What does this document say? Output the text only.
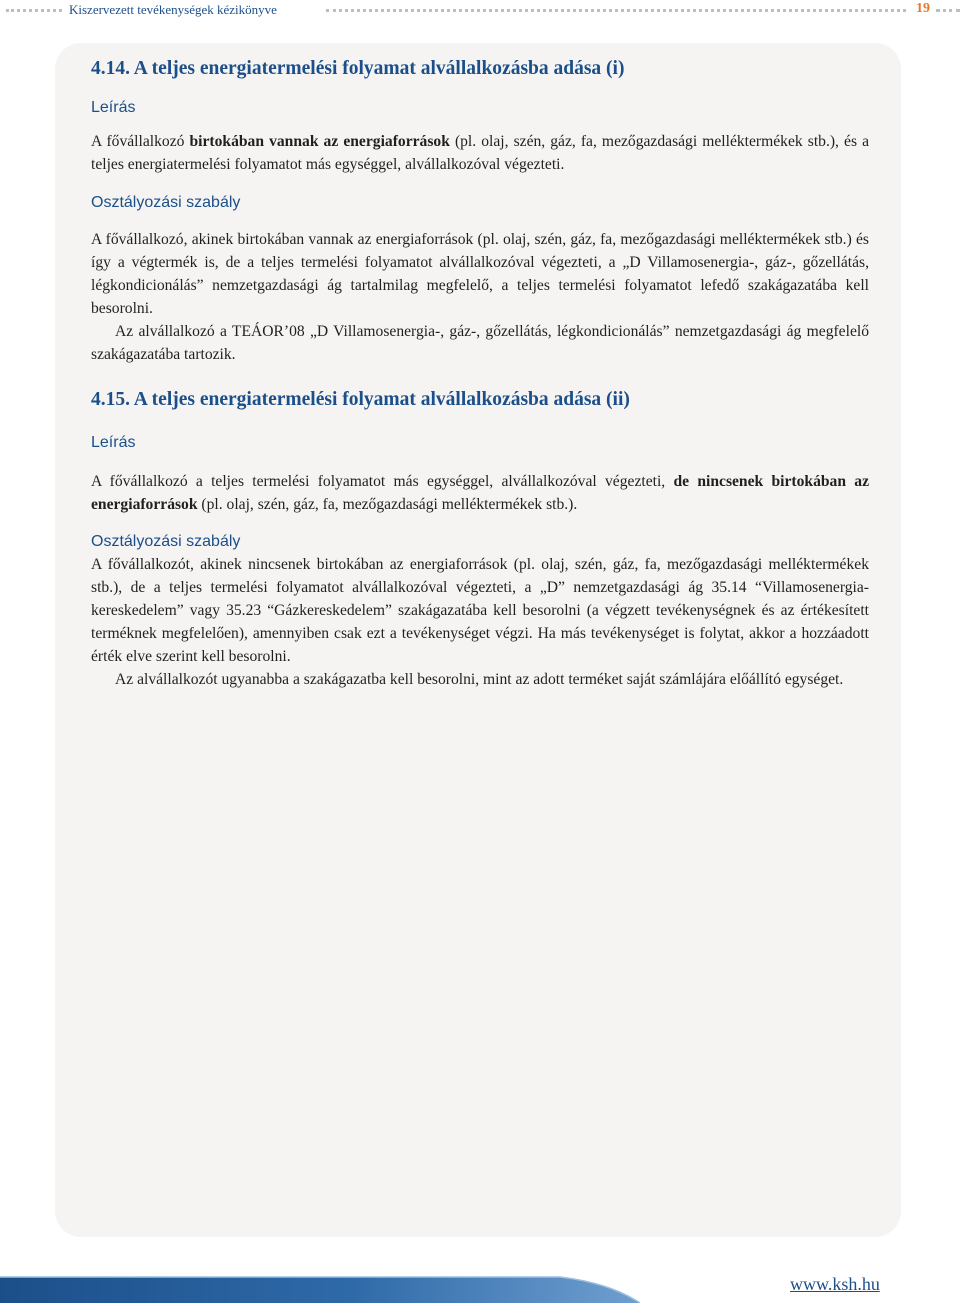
Kiszervezett tevékenységek kézikönyve	19
4.14. A teljes energiatermelési folyamat alvállalkozásba adása (i)
Leírás

A fővállalkozó birtokában vannak az energiaforrások (pl. olaj, szén, gáz, fa, mezőgazdasági melléktermékek stb.), és a teljes energiatermelési folyamatot más egységgel, alvállalkozóval végezteti.

Osztályozási szabály

A fővállalkozó, akinek birtokában vannak az energiaforrások (pl. olaj, szén, gáz, fa, mezőgazdasági melléktermékek stb.) és így a végtermék is, de a teljes termelési folyamatot alvállalkozóval végezteti, a „D Villamosenergia-, gáz-, gőzellátás, légkondicionálás” nemzetgazdasági ág tartalmilag megfelelő, a teljes termelési folyamatot lefedő szakágazatába kell besorolni.

Az alvállalkozó a TEÁOR’08 „D Villamosenergia-, gáz-, gőzellátás, légkondicionálás” nemzetgazdasági ág megfelelő szakágazatába tartozik.

4.15. A teljes energiatermelési folyamat alvállalkozásba adása (ii)
Leírás

A fővállalkozó a teljes termelési folyamatot más egységgel, alvállalkozóval végezteti, de nincsenek birtokában az energiaforrások (pl. olaj, szén, gáz, fa, mezőgazdasági melléktermékek stb.).

Osztályozási szabály

A fővállalkozót, akinek nincsenek birtokában az energiaforrások (pl. olaj, szén, gáz, fa, mezőgazdasági melléktermékek stb.), de a teljes termelési folyamatot alvállalkozóval végezteti, a „D” nemzetgazdasági ág 35.14 “Villamosenergia-kereskedelem” vagy 35.23 “Gázkereskedelem” szakágazatába kell besorolni (a végzett tevékenységnek és az értékesített terméknek megfelelően), amennyiben csak ezt a tevékenységet végzi. Ha más tevékenységet is folytat, akkor a hozzáadott érték elve szerint kell besorolni.

Az alvállalkozót ugyanabba a szakágazatba kell besorolni, mint az adott terméket saját számlájára előállító egységet.

www.ksh.hu
